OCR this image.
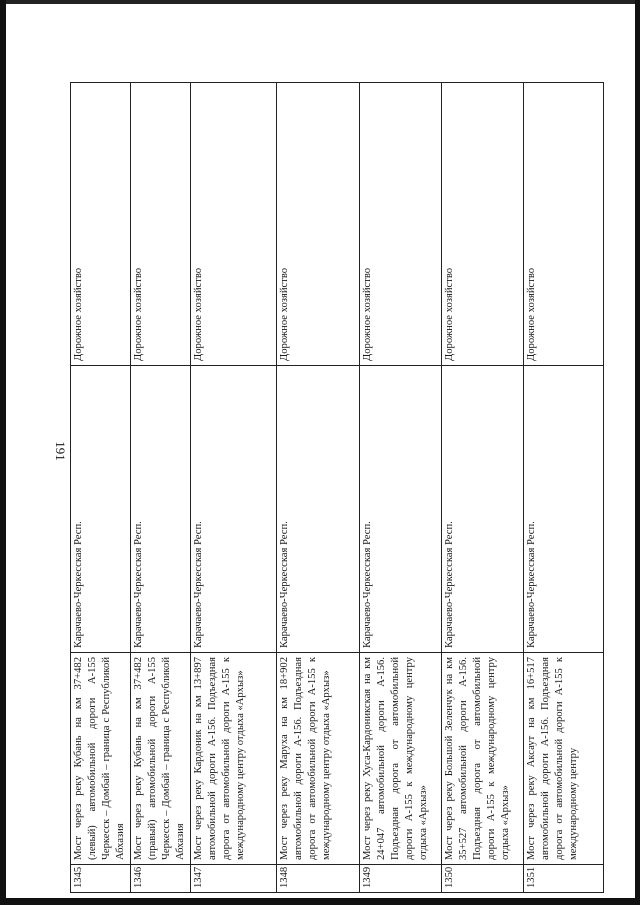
191
1345	Мост через реку Кубань на км 37+482 (левый) автомобильной дороги А-155 Черкесск – Домбай – граница с Республикой Абхазия	Карачаево-Черкесская Респ.	Дорожное хозяйство
1346	Мост через реку Кубань на км 37+482 (правый) автомобильной дороги А-155 Черкесск – Домбай – граница с Республикой Абхазия	Карачаево-Черкесская Респ.	Дорожное хозяйство
1347	Мост через реку Кардоник на км 13+897 автомобильной дороги А-156. Подъездная дорога от автомобильной дороги А-155 к международному центру отдыха «Архыз»	Карачаево-Черкесская Респ.	Дорожное хозяйство
1348	Мост через реку Маруха на км 18+902 автомобильной дороги А-156. Подъездная дорога от автомобильной дороги А-155 к международному центру отдыха «Архыз»	Карачаево-Черкесская Респ.	Дорожное хозяйство
1349	Мост через реку Хуса-Кардоникская на км 24+047 автомобильной дороги А-156. Подъездная дорога от автомобильной дороги А-155 к международному центру отдыха «Архыз»	Карачаево-Черкесская Респ.	Дорожное хозяйство
1350	Мост через реку Большой Зеленчук на км 35+527 автомобильной дороги А-156. Подъездная дорога от автомобильной дороги А-155 к международному центру отдыха «Архыз»	Карачаево-Черкесская Респ.	Дорожное хозяйство
1351	Мост через реку Аксаут на км 16+517 автомобильной дороги А-156. Подъездная дорога от автомобильной дороги А-155 к международному центру	Карачаево-Черкесская Респ.	Дорожное хозяйство
